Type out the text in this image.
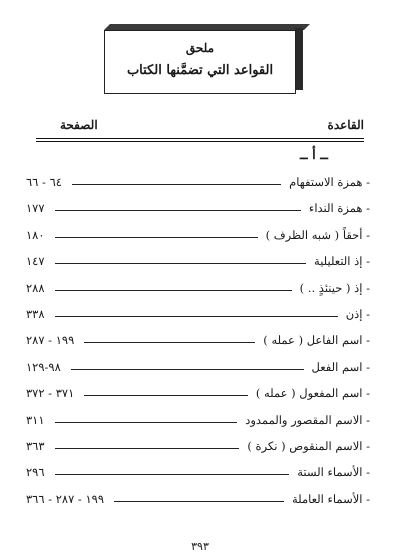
ملحق
القواعد التي تضمَّنها الكتاب
القاعدة
الصفحة
ــ أ ــ
- همزة الاستفهام
٦٤ - ٦٦
- همزة النداء
١٧٧
- أحقاً ( شبه الظرف )
١٨٠
- إذ التعليلية
١٤٧
- إذ ( حينئذٍ .. )
٢٨٨
- إذن
٣٣٨
- اسم الفاعل ( عمله )
١٩٩ - ٢٨٧
- اسم الفعل
٩٨-١٢٩
- اسم المفعول ( عمله )
٣٧١ - ٣٧٢
- الاسم المقصور والممدود
٣١١
- الاسم المنقوص ( نكرة )
٣٦٣
- الأسماء الستة
٢٩٦
- الأسماء العاملة
١٩٩ - ٢٨٧ - ٣٦٦
٣٩٣
